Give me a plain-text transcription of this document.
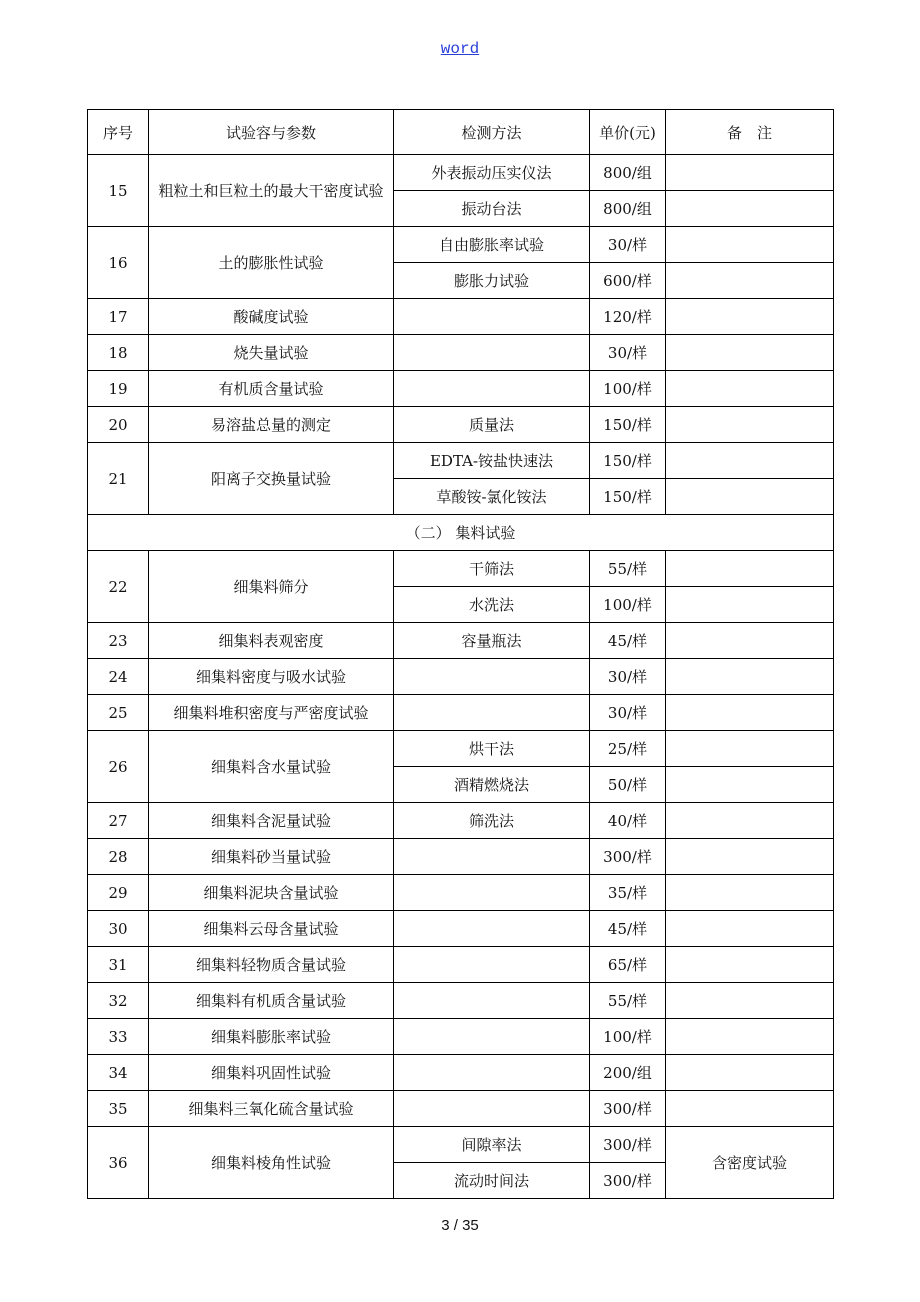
word
序号	试验容与参数	检测方法	单价(元)	备　注
15	粗粒土和巨粒土的最大干密度试验	外表振动压实仪法	800/组	
		振动台法	800/组	
16	土的膨胀性试验	自由膨胀率试验	30/样	
		膨胀力试验	600/样	
17	酸碱度试验		120/样	
18	烧失量试验		30/样	
19	有机质含量试验		100/样	
20	易溶盐总量的测定	质量法	150/样	
21	阳离子交换量试验	EDTA-铵盐快速法	150/样	
		草酸铵-氯化铵法	150/样	
（二） 集料试验				
22	细集料筛分	干筛法	55/样	
		水洗法	100/样	
23	细集料表观密度	容量瓶法	45/样	
24	细集料密度与吸水试验		30/样	
25	细集料堆积密度与严密度试验		30/样	
26	细集料含水量试验	烘干法	25/样	
		酒精燃烧法	50/样	
27	细集料含泥量试验	筛洗法	40/样	
28	细集料砂当量试验		300/样	
29	细集料泥块含量试验		35/样	
30	细集料云母含量试验		45/样	
31	细集料轻物质含量试验		65/样	
32	细集料有机质含量试验		55/样	
33	细集料膨胀率试验		100/样	
34	细集料巩固性试验		200/组	
35	细集料三氧化硫含量试验		300/样	
36	细集料棱角性试验	间隙率法	300/样	含密度试验
		流动时间法	300/样	
3 / 35
